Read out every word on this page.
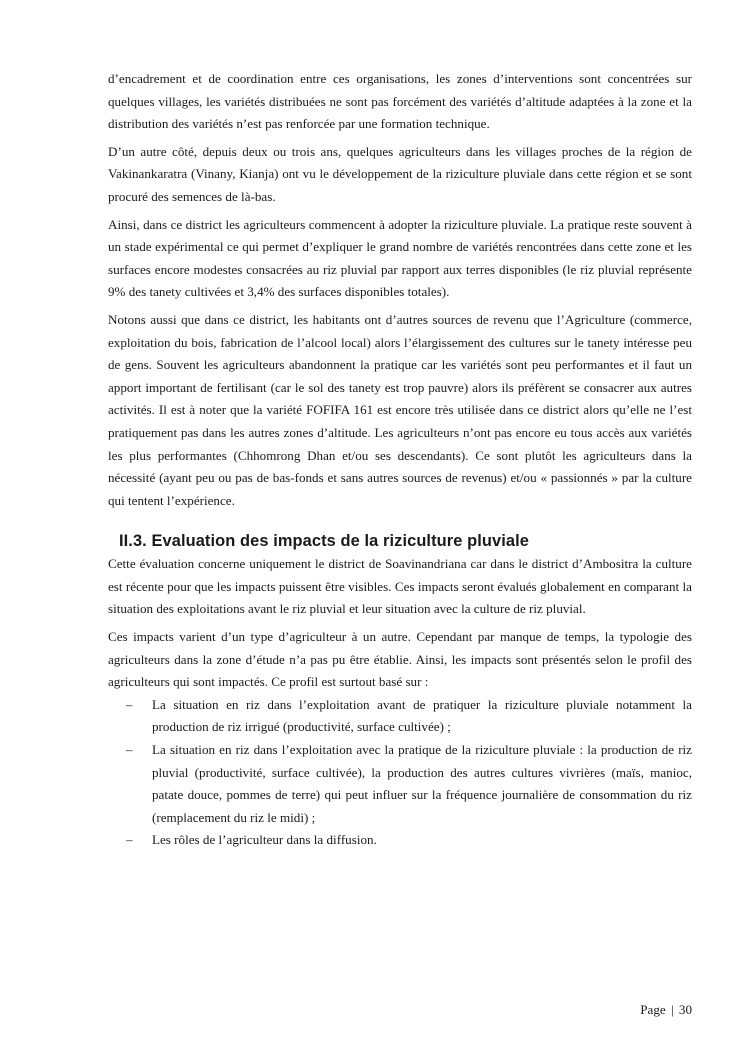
d’encadrement et de coordination entre ces organisations, les zones d’interventions sont concentrées sur quelques villages, les variétés distribuées ne sont pas forcément des variétés d’altitude adaptées à la zone et la distribution des variétés n’est pas renforcée par une formation technique.

D’un autre côté, depuis deux ou trois ans, quelques agriculteurs dans les villages proches de la région de Vakinankaratra (Vinany, Kianja) ont vu le développement de la riziculture pluviale dans cette région et se sont procuré des semences de là-bas.

Ainsi, dans ce district les agriculteurs commencent à adopter la riziculture pluviale. La pratique reste souvent à un stade expérimental ce qui permet d’expliquer le grand nombre de variétés rencontrées dans cette zone et les surfaces encore modestes consacrées au riz pluvial par rapport aux terres disponibles (le riz pluvial représente 9% des tanety cultivées et 3,4% des surfaces disponibles totales).

Notons aussi que dans ce district, les habitants ont d’autres sources de revenu que l’Agriculture (commerce, exploitation du bois, fabrication de l’alcool local) alors l’élargissement des cultures sur le tanety intéresse peu de gens. Souvent les agriculteurs abandonnent la pratique car les variétés sont peu performantes et il faut un apport important de fertilisant (car le sol des tanety est trop pauvre) alors ils préfèrent se consacrer aux autres activités. Il est à noter que la variété FOFIFA 161 est encore très utilisée dans ce district alors qu’elle ne l’est pratiquement pas dans les autres zones d’altitude. Les agriculteurs n’ont pas encore eu tous accès aux variétés les plus performantes (Chhomrong Dhan et/ou ses descendants). Ce sont plutôt les agriculteurs dans la nécessité (ayant peu ou pas de bas-fonds et sans autres sources de revenus) et/ou « passionnés » par la culture qui tentent l’expérience.

II.3. Evaluation des impacts de la riziculture pluviale

Cette évaluation concerne uniquement le district de Soavinandriana car dans le district d’Ambositra la culture est récente pour que les impacts puissent être visibles. Ces impacts seront évalués globalement en comparant la situation des exploitations avant le riz pluvial et leur situation avec la culture de riz pluvial.

Ces impacts varient d’un type d’agriculteur à un autre. Cependant par manque de temps, la typologie des agriculteurs dans la zone d’étude n’a pas pu être établie. Ainsi, les impacts sont présentés selon le profil des agriculteurs qui sont impactés. Ce profil est surtout basé sur :

– La situation en riz dans l’exploitation avant de pratiquer la riziculture pluviale notamment la production de riz irrigué (productivité, surface cultivée) ;
– La situation en riz dans l’exploitation avec la pratique de la riziculture pluviale : la production de riz pluvial (productivité, surface cultivée), la production des autres cultures vivrières (maïs, manioc, patate douce, pommes de terre) qui peut influer sur la fréquence journalière de consommation du riz (remplacement du riz le midi) ;
– Les rôles de l’agriculteur dans la diffusion.
Page | 30
